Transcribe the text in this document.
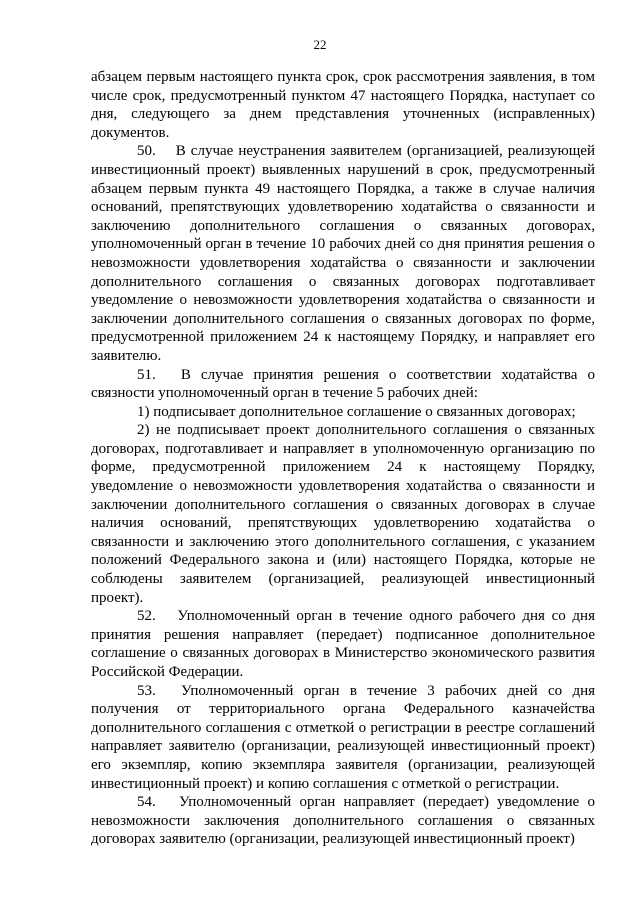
22

абзацем первым настоящего пункта срок, срок рассмотрения заявления, в том числе срок, предусмотренный пунктом 47 настоящего Порядка, наступает со дня, следующего за днем представления уточненных (исправленных) документов.

50.  В случае неустранения заявителем (организацией, реализующей инвестиционный проект) выявленных нарушений в срок, предусмотренный абзацем первым пункта 49 настоящего Порядка, а также в случае наличия оснований, препятствующих удовлетворению ходатайства о связанности и заключению дополнительного соглашения о связанных договорах, уполномоченный орган в течение 10 рабочих дней со дня принятия решения о невозможности удовлетворения ходатайства о связанности и заключении дополнительного соглашения о связанных договорах подготавливает уведомление о невозможности удовлетворения ходатайства о связанности и заключении дополнительного соглашения о связанных договорах по форме, предусмотренной приложением 24 к настоящему Порядку, и направляет его заявителю.

51.  В случае принятия решения о соответствии ходатайства о связности уполномоченный орган в течение 5 рабочих дней:

1) подписывает дополнительное соглашение о связанных договорах;

2) не подписывает проект дополнительного соглашения о связанных договорах, подготавливает и направляет в уполномоченную организацию по форме, предусмотренной приложением 24 к настоящему Порядку, уведомление о невозможности удовлетворения ходатайства о связанности и заключении дополнительного соглашения о связанных договорах в случае наличия оснований, препятствующих удовлетворению ходатайства о связанности и заключению этого дополнительного соглашения, с указанием положений Федерального закона и (или) настоящего Порядка, которые не соблюдены заявителем (организацией, реализующей инвестиционный проект).

52.  Уполномоченный орган в течение одного рабочего дня со дня принятия решения направляет (передает) подписанное дополнительное соглашение о связанных договорах в Министерство экономического развития Российской Федерации.

53.  Уполномоченный орган в течение 3 рабочих дней со дня получения от территориального органа Федерального казначейства дополнительного соглашения с отметкой о регистрации в реестре соглашений направляет заявителю (организации, реализующей инвестиционный проект) его экземпляр, копию экземпляра заявителя (организации, реализующей инвестиционный проект) и копию соглашения с отметкой о регистрации.

54.  Уполномоченный орган направляет (передает) уведомление о невозможности заключения дополнительного соглашения о связанных договорах заявителю (организации, реализующей инвестиционный проект)
